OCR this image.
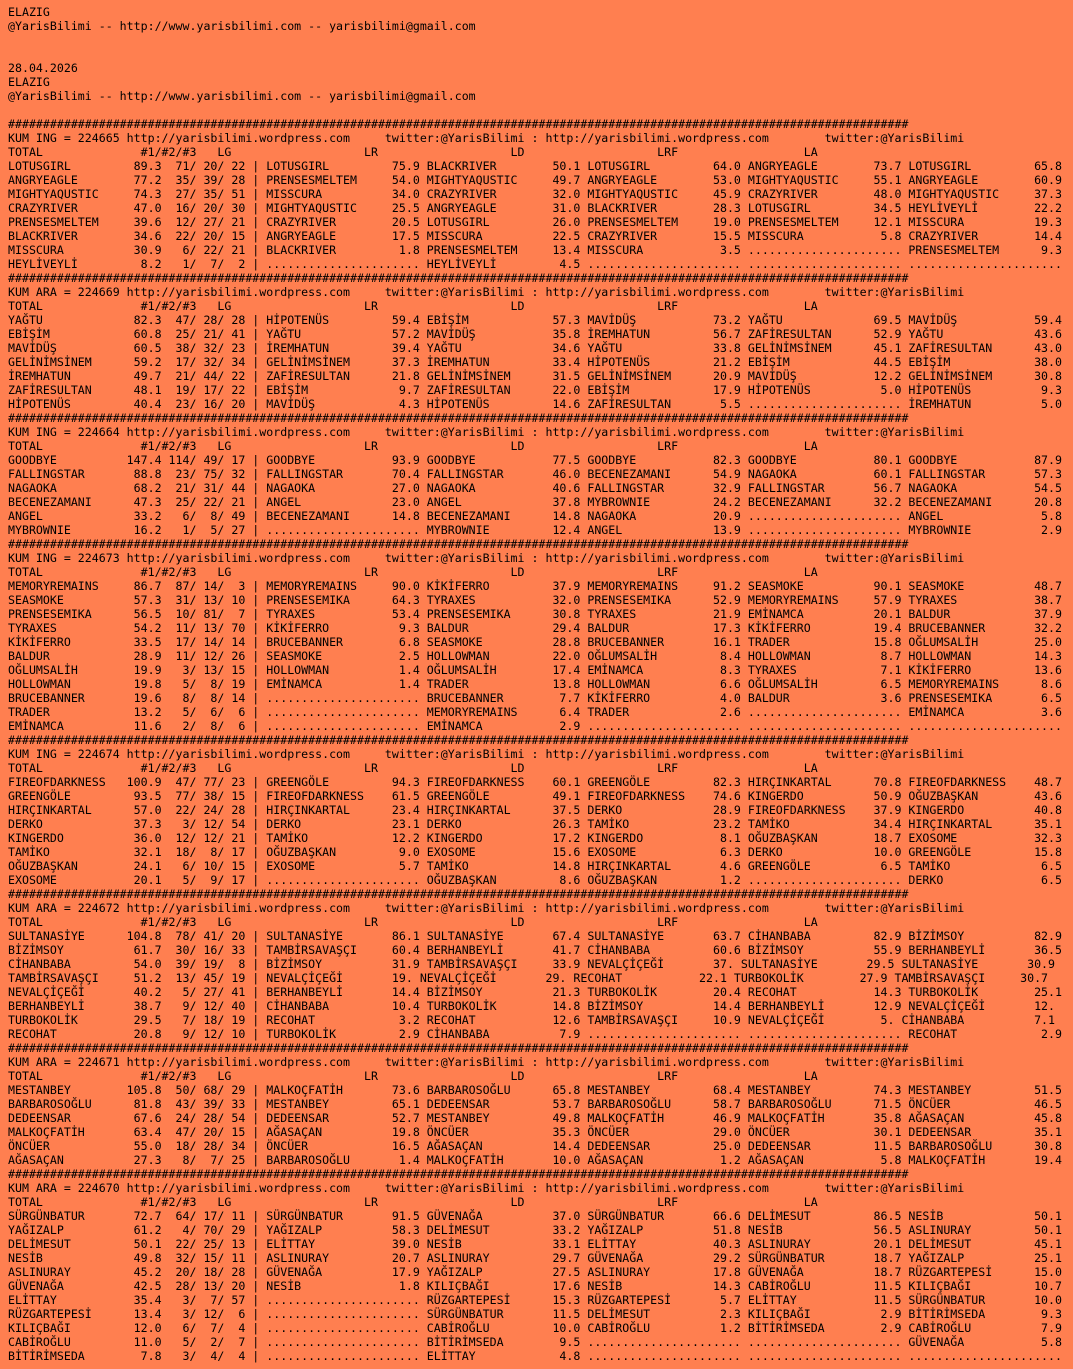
ELAZIG
@YarisBilimi -- http://www.yarisbilimi.com -- yarisbilimi@gmail.com

28.04.2026
ELAZIG
@YarisBilimi -- http://www.yarisbilimi.com -- yarisbilimi@gmail.com

#################################################################################################################################
KUM ING = 224665 http://yarisbilimi.wordpress.com     twitter:@YarisBilimi : http://yarisbilimi.wordpress.com        twitter:@YarisBilimi
TOTAL              #1/#2/#3   LG                   LR                   LD                   LRF                  LA
LOTUSGIRL         89.3  71/ 20/ 22 | LOTUSGIRL         75.9 BLACKRIVER        50.1 LOTUSGIRL         64.0 ANGRYEAGLE        73.7 LOTUSGIRL         65.8
ANGRYEAGLE        77.2  35/ 39/ 28 | PRENSESMELTEM     54.0 MIGHTYAQUSTIC     49.7 ANGRYEAGLE        53.0 MIGHTYAQUSTIC     55.1 ANGRYEAGLE        60.9
MIGHTYAQUSTIC     74.3  27/ 35/ 51 | MISSCURA          34.0 CRAZYRIVER        32.0 MIGHTYAQUSTIC     45.9 CRAZYRIVER        48.0 MIGHTYAQUSTIC     37.3
CRAZYRIVER        47.0  16/ 20/ 30 | MIGHTYAQUSTIC     25.5 ANGRYEAGLE        31.0 BLACKRIVER        28.3 LOTUSGIRL         34.5 HEYLİVEYLİ        22.2
PRENSESMELTEM     39.6  12/ 27/ 21 | CRAZYRIVER        20.5 LOTUSGIRL         26.0 PRENSESMELTEM     19.0 PRENSESMELTEM     12.1 MISSCURA          19.3
BLACKRIVER        34.6  22/ 20/ 15 | ANGRYEAGLE        17.5 MISSCURA          22.5 CRAZYRIVER        15.5 MISSCURA           5.8 CRAZYRIVER        14.4
MISSCURA          30.9   6/ 22/ 21 | BLACKRIVER         1.8 PRENSESMELTEM     13.4 MISSCURA           3.5 ...................... PRENSESMELTEM      9.3
HEYLİVEYLİ         8.2   1/  7/  2 | ...................... HEYLİVEYLİ         4.5 ...................... ...................... ......................
#################################################################################################################################
KUM ARA = 224669 http://yarisbilimi.wordpress.com     twitter:@YarisBilimi : http://yarisbilimi.wordpress.com        twitter:@YarisBilimi
TOTAL              #1/#2/#3   LG                   LR                   LD                   LRF                  LA
YAĞTU             82.3  47/ 28/ 28 | HİPOTENÜS         59.4 EBİŞİM            57.3 MAVİDÜŞ           73.2 YAĞTU             69.5 MAVİDÜŞ           59.4
EBİŞİM            60.8  25/ 21/ 41 | YAĞTU             57.2 MAVİDÜŞ           35.8 İREMHATUN         56.7 ZAFİRESULTAN      52.9 YAĞTU             43.6
MAVİDÜŞ           60.5  38/ 32/ 23 | İREMHATUN         39.4 YAĞTU             34.6 YAĞTU             33.8 GELİNİMSİNEM      45.1 ZAFİRESULTAN      43.0
GELİNİMSİNEM      59.2  17/ 32/ 34 | GELİNİMSİNEM      37.3 İREMHATUN         33.4 HİPOTENÜS         21.2 EBİŞİM            44.5 EBİŞİM            38.0
İREMHATUN         49.7  21/ 44/ 22 | ZAFİRESULTAN      21.8 GELİNİMSİNEM      31.5 GELİNİMSİNEM      20.9 MAVİDÜŞ           12.2 GELİNİMSİNEM      30.8
ZAFİRESULTAN      48.1  19/ 17/ 22 | EBİŞİM             9.7 ZAFİRESULTAN      22.0 EBİŞİM            17.9 HİPOTENÜS          5.0 HİPOTENÜS          9.3
HİPOTENÜS         40.4  23/ 16/ 20 | MAVİDÜŞ            4.3 HİPOTENÜS         14.6 ZAFİRESULTAN       5.5 ...................... İREMHATUN          5.0
#################################################################################################################################
KUM ING = 224664 http://yarisbilimi.wordpress.com     twitter:@YarisBilimi : http://yarisbilimi.wordpress.com        twitter:@YarisBilimi
TOTAL              #1/#2/#3   LG                   LR                   LD                   LRF                  LA
GOODBYE          147.4 114/ 49/ 17 | GOODBYE           93.9 GOODBYE           77.5 GOODBYE           82.3 GOODBYE           80.1 GOODBYE           87.9
FALLINGSTAR       88.8  23/ 75/ 32 | FALLINGSTAR       70.4 FALLINGSTAR       46.0 BECENEZAMANI      54.9 NAGAOKA           60.1 FALLINGSTAR       57.3
NAGAOKA           68.2  21/ 31/ 44 | NAGAOKA           27.0 NAGAOKA           40.6 FALLINGSTAR       32.9 FALLINGSTAR       56.7 NAGAOKA           54.5
BECENEZAMANI      47.3  25/ 22/ 21 | ANGEL             23.0 ANGEL             37.8 MYBROWNIE         24.2 BECENEZAMANI      32.2 BECENEZAMANI      20.8
ANGEL             33.2   6/  8/ 49 | BECENEZAMANI      14.8 BECENEZAMANI      14.8 NAGAOKA           20.9 ...................... ANGEL              5.8
MYBROWNIE         16.2   1/  5/ 27 | ...................... MYBROWNIE         12.4 ANGEL             13.9 ...................... MYBROWNIE          2.9
#################################################################################################################################
KUM ING = 224673 http://yarisbilimi.wordpress.com     twitter:@YarisBilimi : http://yarisbilimi.wordpress.com        twitter:@YarisBilimi
TOTAL              #1/#2/#3   LG                   LR                   LD                   LRF                  LA
MEMORYREMAINS     86.7  87/ 14/  3 | MEMORYREMAINS     90.0 KİKİFERRO         37.9 MEMORYREMAINS     91.2 SEASMOKE          90.1 SEASMOKE          48.7
SEASMOKE          57.3  31/ 13/ 10 | PRENSESEMIKA      64.3 TYRAXES           32.0 PRENSESEMIKA      52.9 MEMORYREMAINS     57.9 TYRAXES           38.7
PRENSESEMIKA      56.5  10/ 81/  7 | TYRAXES           53.4 PRENSESEMIKA      30.8 TYRAXES           21.9 EMİNAMCA          20.1 BALDUR            37.9
TYRAXES           54.2  11/ 13/ 70 | KİKİFERRO          9.3 BALDUR            29.4 BALDUR            17.3 KİKİFERRO         19.4 BRUCEBANNER       32.2
KİKİFERRO         33.5  17/ 14/ 14 | BRUCEBANNER        6.8 SEASMOKE          28.8 BRUCEBANNER       16.1 TRADER            15.8 OĞLUMSALİH        25.0
BALDUR            28.9  11/ 12/ 26 | SEASMOKE           2.5 HOLLOWMAN         22.0 OĞLUMSALİH         8.4 HOLLOWMAN          8.7 HOLLOWMAN         14.3
OĞLUMSALİH        19.9   3/ 13/ 15 | HOLLOWMAN          1.4 OĞLUMSALİH        17.4 EMİNAMCA           8.3 TYRAXES            7.1 KİKİFERRO         13.6
HOLLOWMAN         19.8   5/  8/ 19 | EMİNAMCA           1.4 TRADER            13.8 HOLLOWMAN          6.6 OĞLUMSALİH         6.5 MEMORYREMAINS      8.6
BRUCEBANNER       19.6   8/  8/ 14 | ...................... BRUCEBANNER        7.7 KİKİFERRO          4.0 BALDUR             3.6 PRENSESEMIKA       6.5
TRADER            13.2   5/  6/  6 | ...................... MEMORYREMAINS      6.4 TRADER             2.6 ...................... EMİNAMCA           3.6
EMİNAMCA          11.6   2/  8/  6 | ...................... EMİNAMCA           2.9 ...................... ...................... ......................
#################################################################################################################################
KUM ING = 224674 http://yarisbilimi.wordpress.com     twitter:@YarisBilimi : http://yarisbilimi.wordpress.com        twitter:@YarisBilimi
TOTAL              #1/#2/#3   LG                   LR                   LD                   LRF                  LA
FIREOFDARKNESS   100.9  47/ 77/ 23 | GREENGÖLE         94.3 FIREOFDARKNESS    60.1 GREENGÖLE         82.3 HIRÇINKARTAL      70.8 FIREOFDARKNESS    48.7
GREENGÖLE         93.5  77/ 38/ 15 | FIREOFDARKNESS    61.5 GREENGÖLE         49.1 FIREOFDARKNESS    74.6 KINGERDO          50.9 OĞUZBAŞKAN        43.6
HIRÇINKARTAL      57.0  22/ 24/ 28 | HIRÇINKARTAL      23.4 HIRÇINKARTAL      37.5 DERKO             28.9 FIREOFDARKNESS    37.9 KINGERDO          40.8
DERKO             37.3   3/ 12/ 54 | DERKO             23.1 DERKO             26.3 TAMİKO            23.2 TAMİKO            34.4 HIRÇINKARTAL      35.1
KINGERDO          36.0  12/ 12/ 21 | TAMİKO            12.2 KINGERDO          17.2 KINGERDO           8.1 OĞUZBAŞKAN        18.7 EXOSOME           32.3
TAMİKO            32.1  18/  8/ 17 | OĞUZBAŞKAN         9.0 EXOSOME           15.6 EXOSOME            6.3 DERKO             10.0 GREENGÖLE         15.8
OĞUZBAŞKAN        24.1   6/ 10/ 15 | EXOSOME            5.7 TAMİKO            14.8 HIRÇINKARTAL       4.6 GREENGÖLE          6.5 TAMİKO             6.5
EXOSOME           20.1   5/  9/ 17 | ...................... OĞUZBAŞKAN         8.6 OĞUZBAŞKAN         1.2 ...................... DERKO              6.5
#################################################################################################################################
KUM ARA = 224672 http://yarisbilimi.wordpress.com     twitter:@YarisBilimi : http://yarisbilimi.wordpress.com        twitter:@YarisBilimi
TOTAL              #1/#2/#3   LG                   LR                   LD                   LRF                  LA
SULTANASİYE      104.8  78/ 41/ 20 | SULTANASİYE       86.1 SULTANASİYE       67.4 SULTANASİYE       63.7 CİHANBABA         82.9 BİZİMSOY          82.9
BİZİMSOY          61.7  30/ 16/ 33 | TAMBİRSAVAŞÇI     60.4 BERHANBEYLİ       41.7 CİHANBABA         60.6 BİZİMSOY          55.9 BERHANBEYLİ       36.5
CİHANBABA         54.0  39/ 19/  8 | BİZİMSOY          31.9 TAMBİRSAVAŞÇI     33.9 NEVALÇİÇEĞİ       37. SULTANASİYE       29.5 SULTANASİYE       30.9
TAMBİRSAVAŞÇI     51.2  13/ 45/ 19 | NEVALÇİÇEĞİ       19. NEVALÇİÇEĞİ       29. RECOHAT           22.1 TURBOKOLİK        27.9 TAMBİRSAVAŞÇI     30.7
NEVALÇİÇEĞİ       40.2   5/ 27/ 41 | BERHANBEYLİ       14.4 BİZİMSOY          21.3 TURBOKOLİK        20.4 RECOHAT           14.3 TURBOKOLİK        25.1
BERHANBEYLİ       38.7   9/ 12/ 40 | CİHANBABA         10.4 TURBOKOLİK        14.8 BİZİMSOY          14.4 BERHANBEYLİ       12.9 NEVALÇİÇEĞİ       12.
TURBOKOLİK        29.5   7/ 18/ 19 | RECOHAT            3.2 RECOHAT           12.6 TAMBİRSAVAŞÇI     10.9 NEVALÇİÇEĞİ        5. CİHANBABA          7.1
RECOHAT           20.8   9/ 12/ 10 | TURBOKOLİK         2.9 CİHANBABA          7.9 ...................... ...................... RECOHAT            2.9
#################################################################################################################################
KUM ARA = 224671 http://yarisbilimi.wordpress.com     twitter:@YarisBilimi : http://yarisbilimi.wordpress.com        twitter:@YarisBilimi
TOTAL              #1/#2/#3   LG                   LR                   LD                   LRF                  LA
MESTANBEY        105.8  50/ 68/ 29 | MALKOÇFATİH       73.6 BARBAROSOĞLU      65.8 MESTANBEY         68.4 MESTANBEY         74.3 MESTANBEY         51.5
BARBAROSOĞLU      81.8  43/ 39/ 33 | MESTANBEY         65.1 DEDEENSAR         53.7 BARBAROSOĞLU      58.7 BARBAROSOĞLU      71.5 ÖNCÜER            46.5
DEDEENSAR         67.6  24/ 28/ 54 | DEDEENSAR         52.7 MESTANBEY         49.8 MALKOÇFATİH       46.9 MALKOÇFATİH       35.8 AĞASAÇAN          45.8
MALKOÇFATİH       63.4  47/ 20/ 15 | AĞASAÇAN          19.8 ÖNCÜER            35.3 ÖNCÜER            29.0 ÖNCÜER            30.1 DEDEENSAR         35.1
ÖNCÜER            55.0  18/ 28/ 34 | ÖNCÜER            16.5 AĞASAÇAN          14.4 DEDEENSAR         25.0 DEDEENSAR         11.5 BARBAROSOĞLU      30.8
AĞASAÇAN          27.3   8/  7/ 25 | BARBAROSOĞLU       1.4 MALKOÇFATİH       10.0 AĞASAÇAN           1.2 AĞASAÇAN           5.8 MALKOÇFATİH       19.4
#################################################################################################################################
KUM ARA = 224670 http://yarisbilimi.wordpress.com     twitter:@YarisBilimi : http://yarisbilimi.wordpress.com        twitter:@YarisBilimi
TOTAL              #1/#2/#3   LG                   LR                   LD                   LRF                  LA
SÜRGÜNBATUR       72.7  64/ 17/ 11 | SÜRGÜNBATUR       91.5 GÜVENAĞA          37.0 SÜRGÜNBATUR       66.6 DELİMESUT         86.5 NESİB             50.1
YAĞIZALP          61.2   4/ 70/ 29 | YAĞIZALP          58.3 DELİMESUT         33.2 YAĞIZALP          51.8 NESİB             56.5 ASLINURAY         50.1
DELİMESUT         50.1  22/ 25/ 13 | ELİTTAY           39.0 NESİB             33.1 ELİTTAY           40.3 ASLINURAY         20.1 DELİMESUT         45.1
NESİB             49.8  32/ 15/ 11 | ASLINURAY         20.7 ASLINURAY         29.7 GÜVENAĞA          29.2 SÜRGÜNBATUR       18.7 YAĞIZALP          25.1
ASLINURAY         45.2  20/ 18/ 28 | GÜVENAĞA          17.9 YAĞIZALP          27.5 ASLINURAY         17.8 GÜVENAĞA          18.7 RÜZGARTEPESİ      15.0
GÜVENAĞA          42.5  28/ 13/ 20 | NESİB              1.8 KILIÇBAĞI         17.6 NESİB             14.3 CABİROĞLU         11.5 KILIÇBAĞI         10.7
ELİTTAY           35.4   3/  7/ 57 | ...................... RÜZGARTEPESİ      15.3 RÜZGARTEPESİ       5.7 ELİTTAY           11.5 SÜRGÜNBATUR       10.0
RÜZGARTEPESİ      13.4   3/ 12/  6 | ...................... SÜRGÜNBATUR       11.5 DELİMESUT          2.3 KILIÇBAĞI          2.9 BİTİRİMSEDA        9.3
KILIÇBAĞI         12.0   6/  7/  4 | ...................... CABİROĞLU         10.0 CABİROĞLU          1.2 BİTİRİMSEDA        2.9 CABİROĞLU          7.9
CABİROĞLU         11.0   5/  2/  7 | ...................... BİTİRİMSEDA        9.5 ...................... ...................... GÜVENAĞA           5.8
BİTİRİMSEDA        7.8   3/  4/  4 | ...................... ELİTTAY            4.8 ...................... ...................... ......................
